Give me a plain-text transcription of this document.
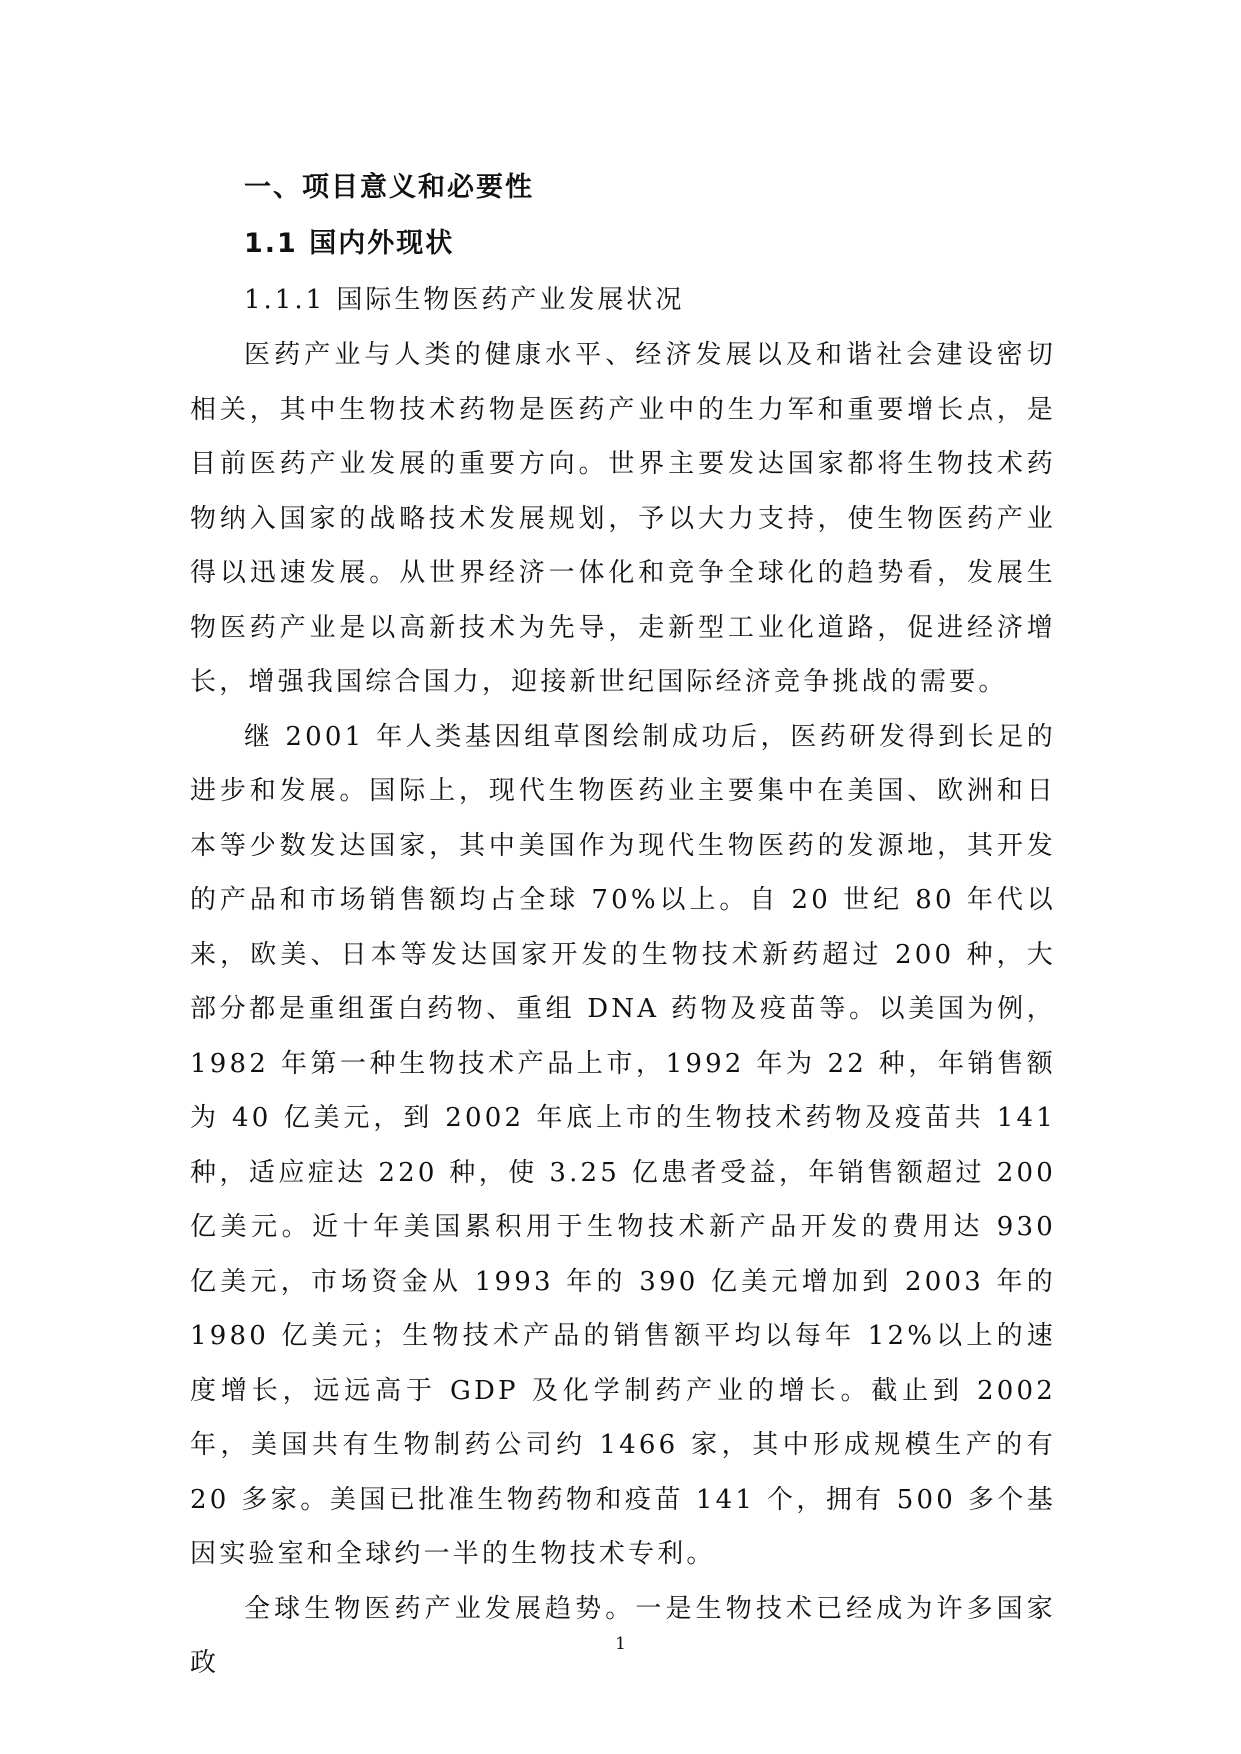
一、项目意义和必要性

1.1 国内外现状

1.1.1 国际生物医药产业发展状况

医药产业与人类的健康水平、经济发展以及和谐社会建设密切相关，其中生物技术药物是医药产业中的生力军和重要增长点，是目前医药产业发展的重要方向。世界主要发达国家都将生物技术药物纳入国家的战略技术发展规划，予以大力支持，使生物医药产业得以迅速发展。从世界经济一体化和竞争全球化的趋势看，发展生物医药产业是以高新技术为先导，走新型工业化道路，促进经济增长，增强我国综合国力，迎接新世纪国际经济竞争挑战的需要。

继 2001 年人类基因组草图绘制成功后，医药研发得到长足的进步和发展。国际上，现代生物医药业主要集中在美国、欧洲和日本等少数发达国家，其中美国作为现代生物医药的发源地，其开发的产品和市场销售额均占全球 70%以上。自 20 世纪 80 年代以来，欧美、日本等发达国家开发的生物技术新药超过 200 种，大部分都是重组蛋白药物、重组 DNA 药物及疫苗等。以美国为例，1982 年第一种生物技术产品上市，1992 年为 22 种，年销售额为 40 亿美元，到 2002 年底上市的生物技术药物及疫苗共 141 种，适应症达 220 种，使 3.25 亿患者受益，年销售额超过 200 亿美元。近十年美国累积用于生物技术新产品开发的费用达 930 亿美元，市场资金从 1993 年的 390 亿美元增加到 2003 年的 1980 亿美元；生物技术产品的销售额平均以每年 12%以上的速度增长，远远高于 GDP 及化学制药产业的增长。截止到 2002 年，美国共有生物制药公司约 1466 家，其中形成规模生产的有 20 多家。美国已批准生物药物和疫苗 141 个，拥有 500 多个基因实验室和全球约一半的生物技术专利。

全球生物医药产业发展趋势。一是生物技术已经成为许多国家政

1
